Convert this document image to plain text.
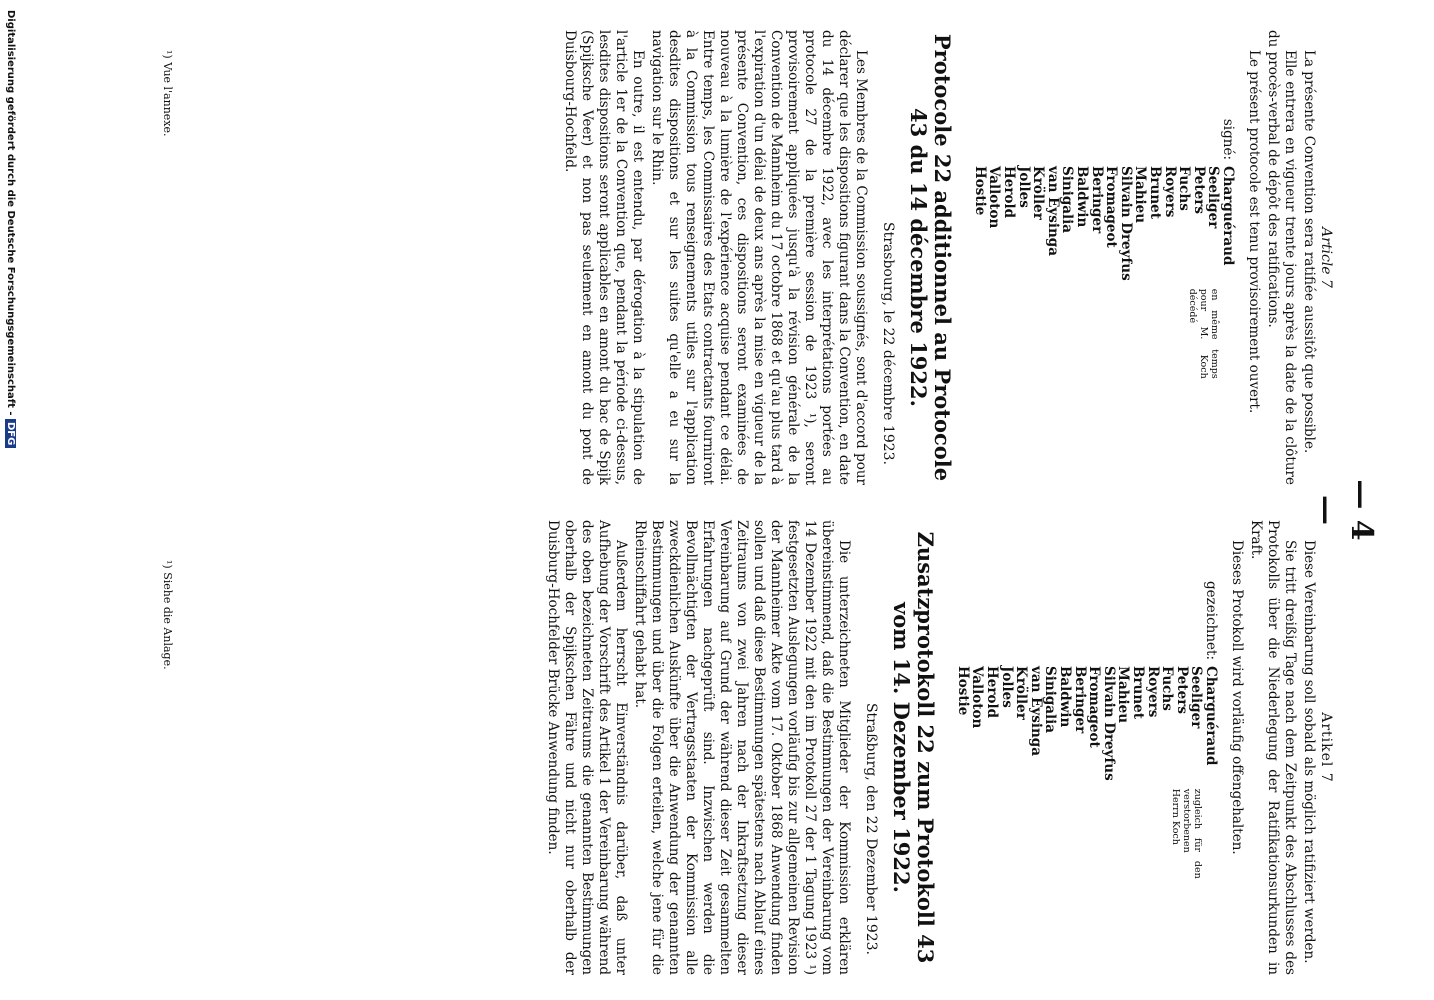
— 4 —
Article 7

La présente Convention sera ratifiée aussitôt que possible.

Elle entrera en vigueur trente jours après la date de la clôture du procès-verbal de dépôt des ratifications.

Le présent protocole est tenu provisoirement ouvert.

signé:
Charguéraud
Seeliger
Peters
Fuchs
Royers
Brunet
Mahieu
Silvain Dreyfus
Fromageot
Beringer
Baldwin
Sinigalia
van Eysinga
Kröller
Jolles
Herold
Valloton
Hostie
en même temps pour M. Koch décédé
Protocole 22 additionnel au Protocole 43 du 14 décembre 1922.
Strasbourg, le 22 décembre 1923.

Les Membres de la Commission soussignés, sont d'accord pour déclarer que les dispositions figurant dans la Convention, en date du 14 décembre 1922, avec les interprétations portées au protocole 27 de la première session de 1923 ¹), seront provisoirement appliquées jusqu'à la révision générale de la Convention de Mannheim du 17 octobre 1868 et qu'au plus tard à l'expiration d'un délai de deux ans après la mise en vigueur de la présente Convention, ces dispositions seront examinées de nouveau à la lumière de l'expérience acquise pendant ce délai. Entre temps, les Commissaires des Etats contractants fourniront à la Commission tous renseignements utiles sur l'application desdites dispositions et sur les suites qu'elle a eu sur la navigation sur le Rhin.

En outre, il est entendu, par dérogation à la stipulation de l'article 1er de la Convention que, pendant la période ci-dessus, lesdites dispositions seront applicables en amont du bac de Spijk (Spijksche Veer) et non pas seulement en amont du pont de Duisbourg-Hochfeld.

¹) Vue l'annexe.
Artikel 7

Diese Vereinbarung soll sobald als möglich ratifiziert werden.

Sie tritt dreißig Tage nach dem Zeitpunkt des Abschlusses des Protokolls über die Niederlegung der Ratifikationsurkunden in Kraft.

Dieses Protokoll wird vorläufig offengehalten.

gezeichnet:
Charguéraud
Seeliger
Peters
Fuchs
Royers
Brunet
Mahieu
Silvain Dreyfus
Fromageot
Beringer
Baldwin
Sinigalia
van Eysinga
Kröller
Jolles
Herold
Valloton
Hostie
zugleich für den verstorbenen Herrn Koch
Zusatzprotokoll 22 zum Protokoll 43 vom 14. Dezember 1922.
Straßburg, den 22 Dezember 1923.

Die unterzeichneten Mitglieder der Kommission erklären übereinstimmend, daß die Bestimmungen der Vereinbarung vom 14 Dezember 1922 mit den im Protokoll 27 der 1 Tagung 1923 ¹) festgesetzten Auslegungen vorläufig bis zur allgemeinen Revision der Mannheimer Akte vom 17. Oktober 1868 Anwendung finden sollen und daß diese Bestimmungen spätestens nach Ablauf eines Zeitraums von zwei Jahren nach der Inkraftsetzung dieser Vereinbarung auf Grund der während dieser Zeit gesammelten Erfahrungen nachgeprüft sind. Inzwischen werden die Bevollmächtigten der Vertragsstaaten der Kommission alle zweckdienlichen Auskünfte über die Anwendung der genannten Bestimmungen und über die Folgen erteilen, welche jene für die Rheinschiffahrt gehabt hat.

Außerdem herrscht Einverständnis darüber, daß unter Aufhebung der Vorschrift des Artikel 1 der Vereinbarung während des oben bezeichneten Zeitraums die genannten Bestimmungen oberhalb der Spijkschen Fähre und nicht nur oberhalb der Duisburg-Hochfelder Brücke Anwendung finden.

¹) Siehe die Anlage.
Digitalisierung gefördert durch die Deutsche Forschungsgemeinschaft - DFG
